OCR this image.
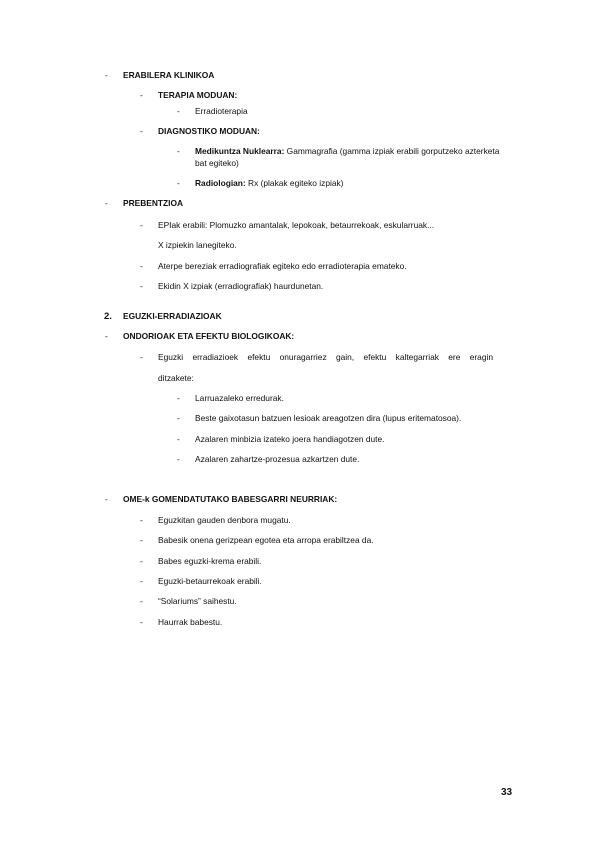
- ERABILERA KLINIKOA
- TERAPIA MODUAN:
- Erradioterapia
- DIAGNOSTIKO MODUAN:
- Medikuntza Nuklearra: Gammagrafia (gamma izpiak erabili gorputzeko azterketa
bat egiteko)
- Radiologian: Rx (plakak egiteko izpiak)
- PREBENTZIOA
- EPIak erabili: Plomuzko amantalak, lepokoak, betaurrekoak, eskularruak...
X izpiekin lanegiteko.
- Aterpe bereziak erradiografiak egiteko edo erradioterapia emateko.
- Ekidin X izpiak (erradiografiak) haurdunetan.
2. EGUZKI-ERRADIAZIOAK
- ONDORIOAK ETA EFEKTU BIOLOGIKOAK:
- Eguzki erradiazioek efektu onuragarriez gain, efektu kaltegarriak ere eragin
ditzakete:
- Larruazaleko erredurak.
- Beste gaixotasun batzuen lesioak areagotzen dira (lupus eritematosoa).
- Azalaren minbizia izateko joera handiagotzen dute.
- Azalaren zahartze-prozesua azkartzen dute.
- OME-k GOMENDATUTAKO BABESGARRI NEURRIAK:
- Eguzkitan gauden denbora mugatu.
- Babesik onena gerizpean egotea eta arropa erabiltzea da.
- Babes eguzki-krema erabili.
- Eguzki-betaurrekoak erabili.
- “Solariums” saihestu.
- Haurrak babestu.
33
